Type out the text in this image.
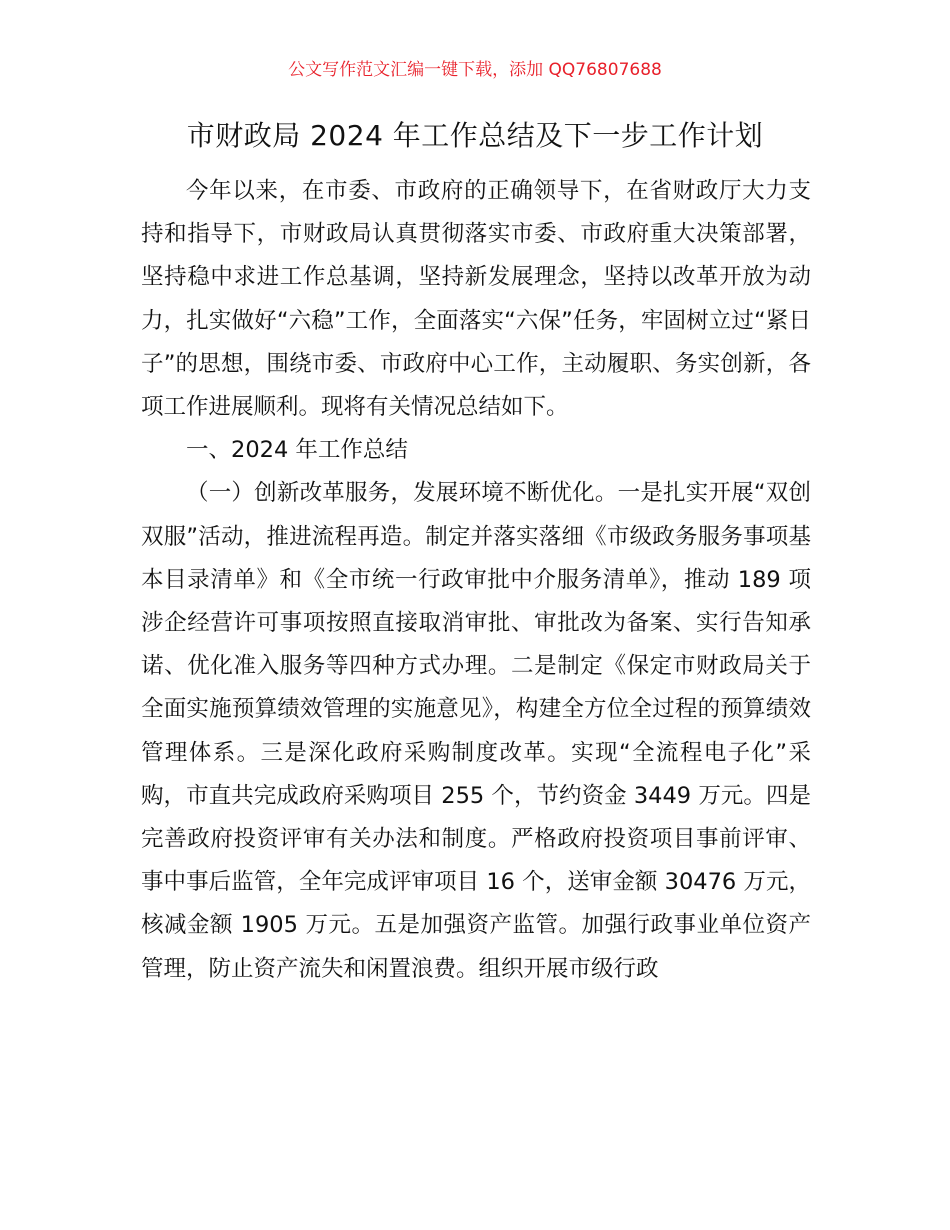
公文写作范文汇编一键下载，添加 QQ76807688
市财政局 2024 年工作总结及下一步工作计划

今年以来，在市委、市政府的正确领导下，在省财政厅大力支持和指导下，市财政局认真贯彻落实市委、市政府重大决策部署，坚持稳中求进工作总基调，坚持新发展理念，坚持以改革开放为动力，扎实做好“六稳”工作，全面落实“六保”任务，牢固树立过“紧日子”的思想，围绕市委、市政府中心工作，主动履职、务实创新，各项工作进展顺利。现将有关情况总结如下。

一、2024 年工作总结

（一）创新改革服务，发展环境不断优化。一是扎实开展“双创双服”活动，推进流程再造。制定并落实落细《市级政务服务事项基本目录清单》和《全市统一行政审批中介服务清单》，推动 189 项涉企经营许可事项按照直接取消审批、审批改为备案、实行告知承诺、优化准入服务等四种方式办理。二是制定《保定市财政局关于全面实施预算绩效管理的实施意见》，构建全方位全过程的预算绩效管理体系。三是深化政府采购制度改革。实现“全流程电子化”采购，市直共完成政府采购项目 255 个，节约资金 3449 万元。四是完善政府投资评审有关办法和制度。严格政府投资项目事前评审、事中事后监管，全年完成评审项目 16 个，送审金额 30476 万元，核减金额 1905 万元。五是加强资产监管。加强行政事业单位资产管理，防止资产流失和闲置浪费。组织开展市级行政
